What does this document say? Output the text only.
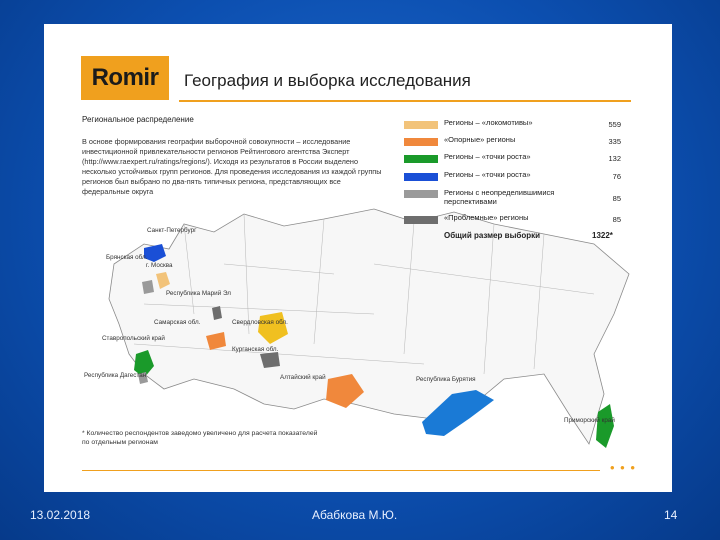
Romir	География и выборка исследования
Региональное распределение
В основе формирования географии выборочной совокупности – исследование инвестиционной привлекательности регионов Рейтингового агентства Эксперт (http://www.raexpert.ru/ratings/regions/). Исходя из результатов в России выделено несколько устойчивых групп регионов. Для проведения исследования из каждой группы регионов был выбрано по два-пять типичных региона, представляющих все федеральные округа
Санкт-Петербург
Брянская обл.
г. Москва
Республика Марий Эл
Самарская обл.	Свердловская обл.
Ставропольский край
Курганская обл.
Республика Дагестан	Алтайский край	Республика Бурятия
Приморский край
Регионы – «локомотивы»	559
«Опорные» регионы	335
Регионы – «точки роста»	132
Регионы – «точки роста»	76
Регионы с неопределившимися перспективами	85
«Проблемные» регионы	85
Общий размер выборки	1322*
* Количество респондентов заведомо увеличено для расчета показателей по отдельным регионам
• • •
13.02.2018	Абабкова М.Ю.	14
